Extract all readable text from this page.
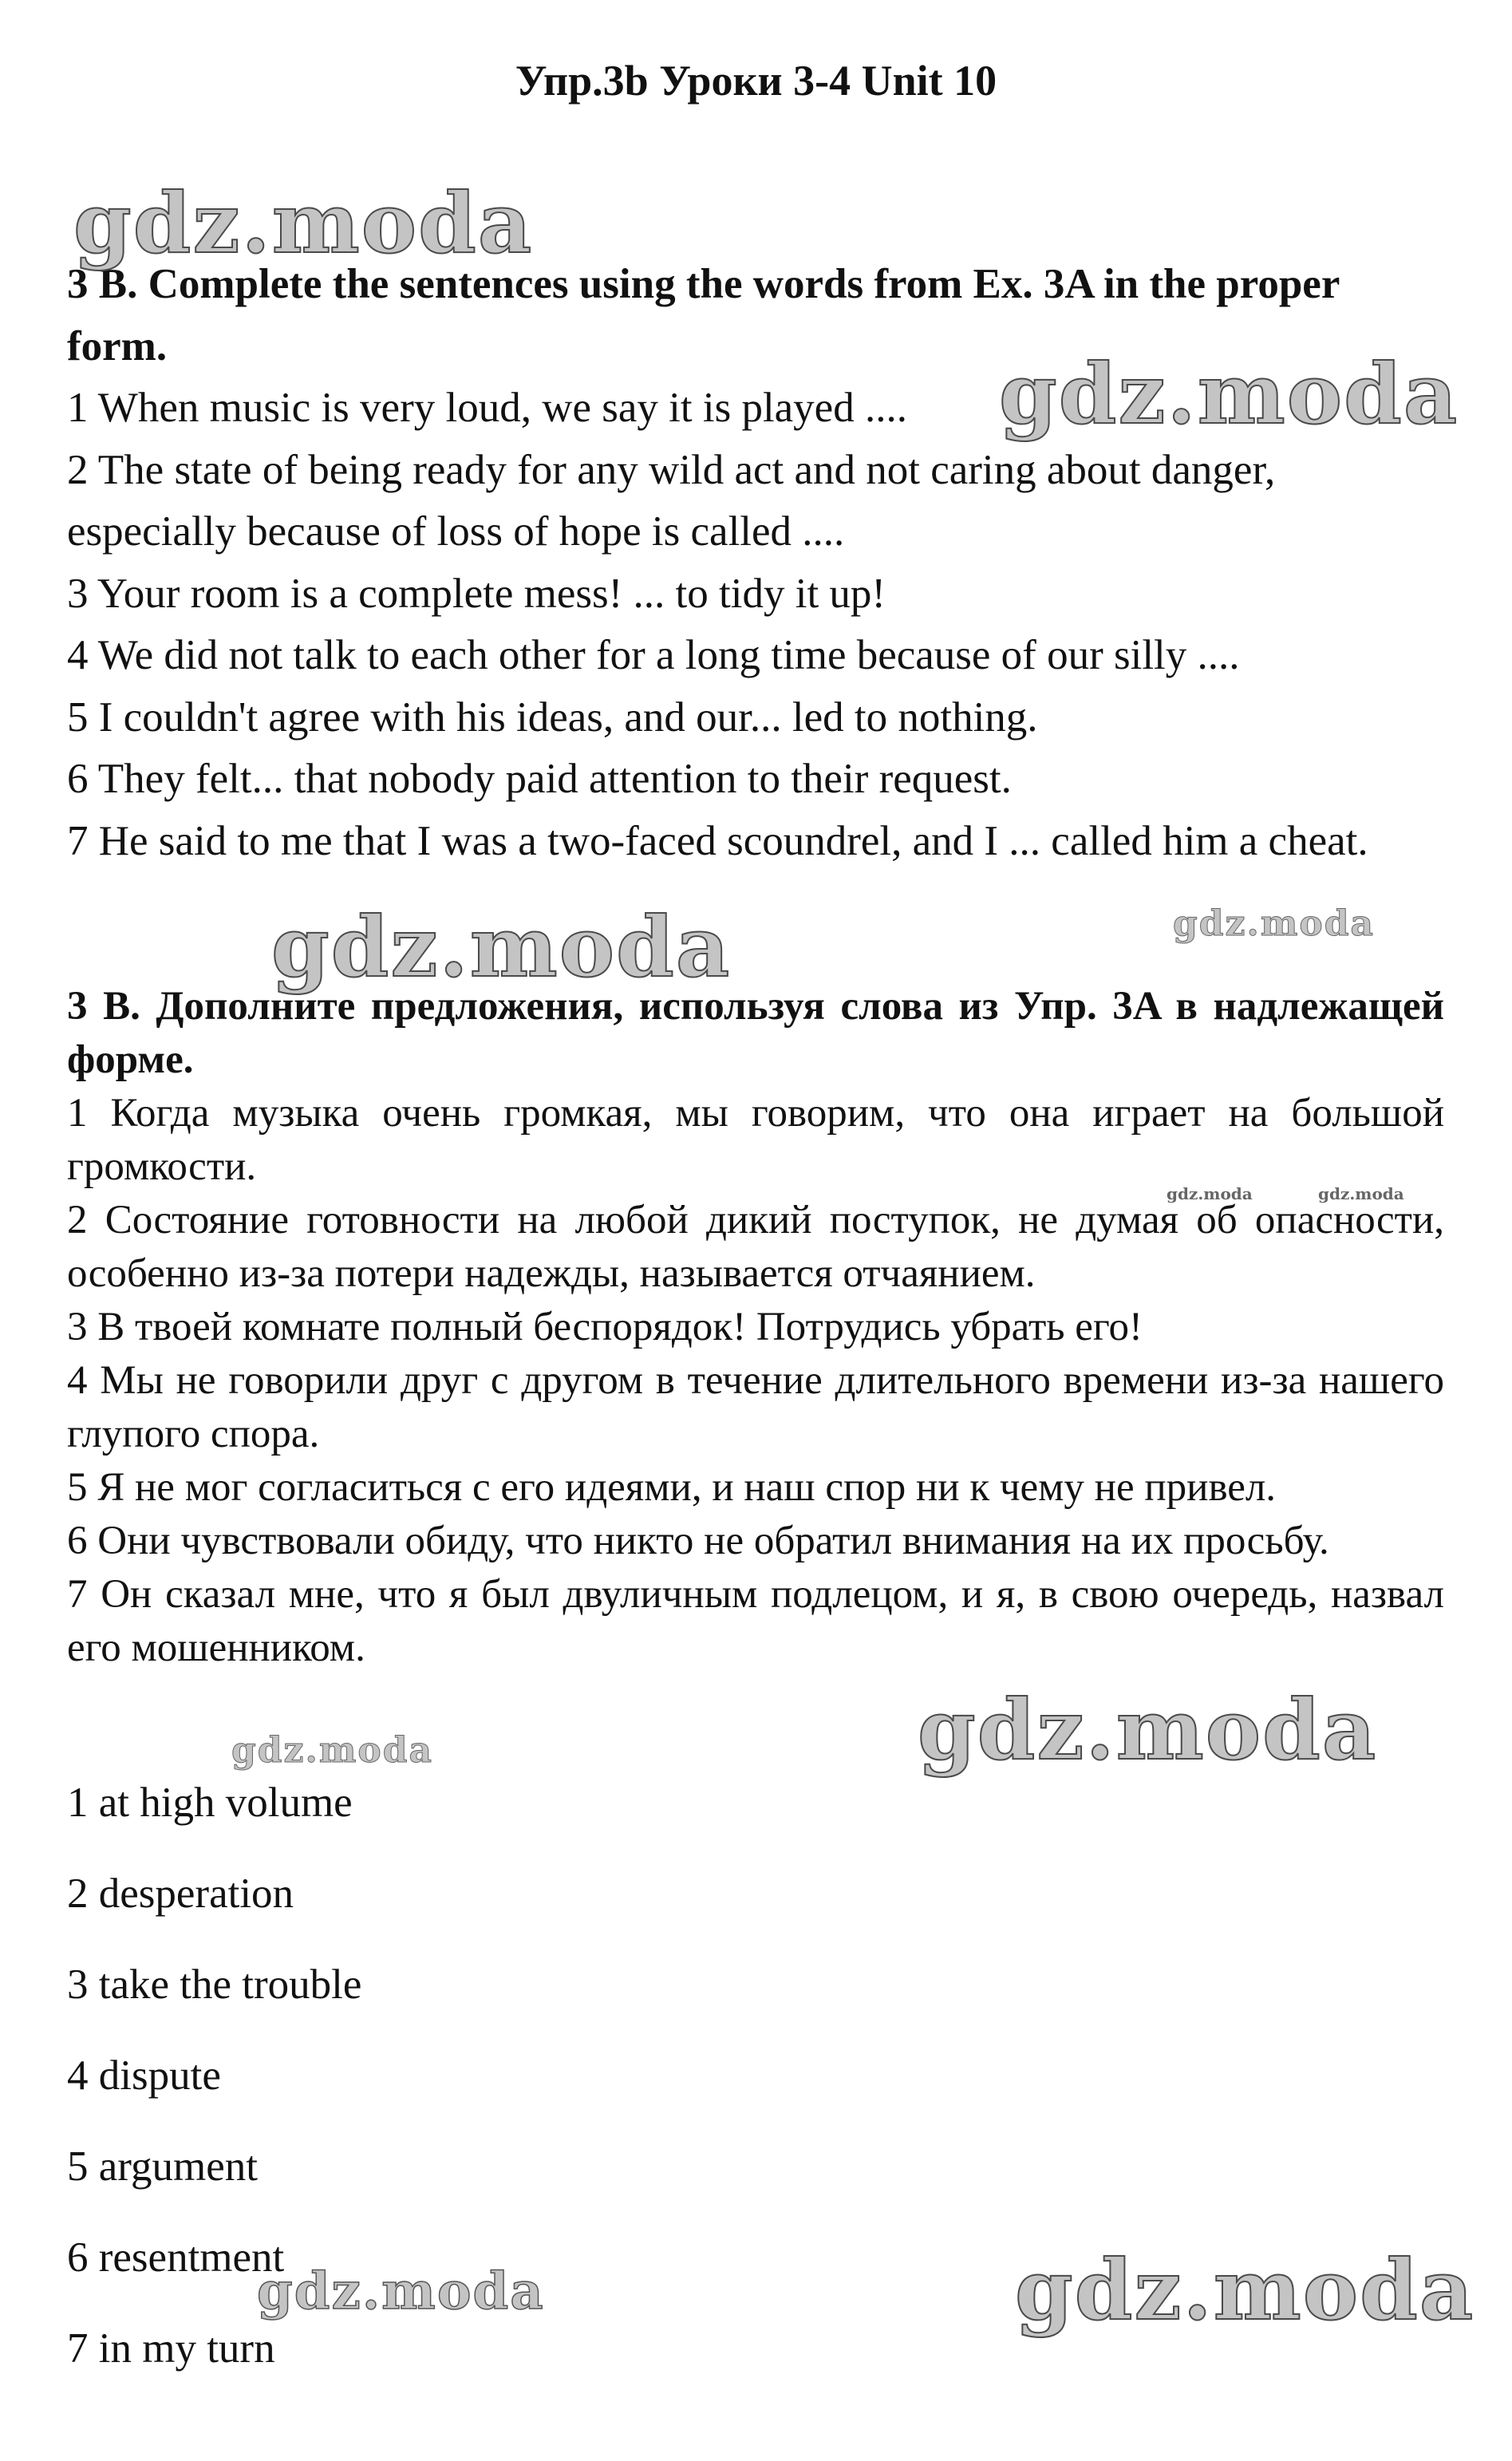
Упр.3b Уроки 3-4 Unit 10

3 B. Complete the sentences using the words from Ex. 3A in the proper form.

1 When music is very loud, we say it is played ....

2 The state of being ready for any wild act and not caring about danger, especially because of loss of hope is called ....

3 Your room is a complete mess! ... to tidy it up!

4 We did not talk to each other for a long time because of our silly ....

5 I couldn't agree with his ideas, and our... led to nothing.

6 They felt... that nobody paid attention to their request.

7 He said to me that I was a two-faced scoundrel, and I ... called him a cheat.

3 B. Дополните предложения, используя слова из Упр. 3A в надлежащей форме.

1 Когда музыка очень громкая, мы говорим, что она играет на большой громкости.

2 Состояние готовности на любой дикий поступок, не думая об опасности, особенно из-за потери надежды, называется отчаянием.

3 В твоей комнате полный беспорядок! Потрудись убрать его!

4 Мы не говорили друг с другом в течение длительного времени из-за нашего глупого спора.

5 Я не мог согласиться с его идеями, и наш спор ни к чему не привел.

6 Они чувствовали обиду, что никто не обратил внимания на их просьбу.

7 Он сказал мне, что я был двуличным подлецом, и я, в свою очередь, назвал его мошенником.

1 at high volume
2 desperation
3 take the trouble
4 dispute
5 argument
6 resentment
7 in my turn
gdz.moda
gdz.moda
gdz.moda	gdz.moda
gdz.moda	gdz.moda
gdz.moda
gdz.moda
gdz.moda	gdz.moda
